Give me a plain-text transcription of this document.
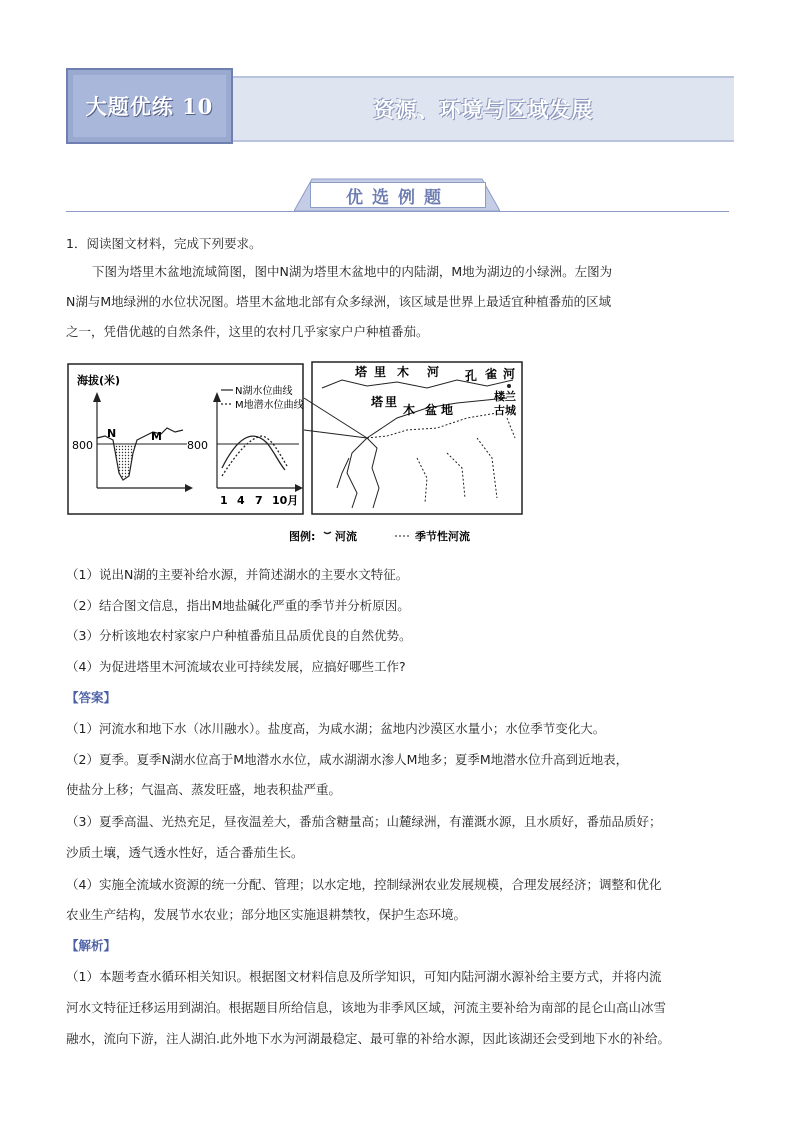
大题优练 10	资源、环境与区域发展
优选例题
1．阅读图文材料，完成下列要求。
下图为塔里木盆地流域简图，图中N湖为塔里木盆地中的内陆湖，M地为湖边的小绿洲。左图为
N湖与M地绿洲的水位状况图。塔里木盆地北部有众多绿洲，该区域是世界上最适宜种植番茄的区域
之一，凭借优越的自然条件，这里的农村几乎家家户户种植番茄。
海拔(米)
800
N	M
800
N湖水位曲线
M地潜水位曲线
1 4 7 10月
塔 里 木 河 孔 雀 河
塔 里
木 盆 地
楼兰
古城
图例: 河流	季节性河流
（1）说出N湖的主要补给水源，并简述湖水的主要水文特征。
（2）结合图文信息，指出M地盐碱化严重的季节并分析原因。
（3）分析该地农村家家户户种植番茄且品质优良的自然优势。
（4）为促进塔里木河流域农业可持续发展，应搞好哪些工作?
【答案】
（1）河流水和地下水（冰川融水）。盐度高，为咸水湖；盆地内沙漠区水量小；水位季节变化大。
（2）夏季。夏季N湖水位高于M地潜水水位，咸水湖湖水渗人M地多；夏季M地潜水位升高到近地表，
使盐分上移；气温高、蒸发旺盛，地表积盐严重。
（3）夏季高温、光热充足，昼夜温差大，番茄含糖量高；山麓绿洲，有灌溉水源，且水质好，番茄品质好；
沙质土壤，透气透水性好，适合番茄生长。
（4）实施全流域水资源的统一分配、管理；以水定地，控制绿洲农业发展规模，合理发展经济；调整和优化
农业生产结构，发展节水农业；部分地区实施退耕禁牧，保护生态环境。
【解析】
（1）本题考查水循环相关知识。根据图文材料信息及所学知识，可知内陆河湖水源补给主要方式，并将内流
河水文特征迁移运用到湖泊。根据题目所给信息，该地为非季风区域，河流主要补给为南部的昆仑山高山冰雪
融水，流向下游，注人湖泊.此外地下水为河湖最稳定、最可靠的补给水源，因此该湖还会受到地下水的补给。
